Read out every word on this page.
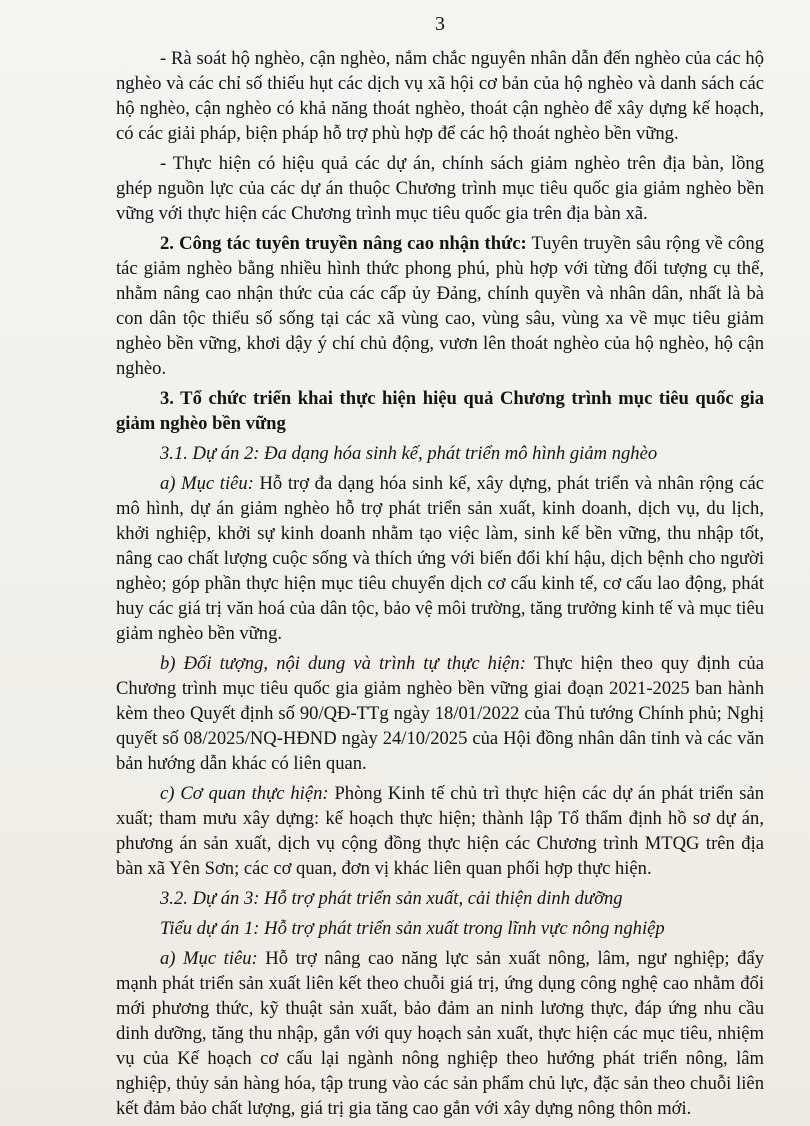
3

- Rà soát hộ nghèo, cận nghèo, nắm chắc nguyên nhân dẫn đến nghèo của các hộ nghèo và các chỉ số thiếu hụt các dịch vụ xã hội cơ bản của hộ nghèo và danh sách các hộ nghèo, cận nghèo có khả năng thoát nghèo, thoát cận nghèo để xây dựng kế hoạch, có các giải pháp, biện pháp hỗ trợ phù hợp để các hộ thoát nghèo bền vững.

- Thực hiện có hiệu quả các dự án, chính sách giảm nghèo trên địa bàn, lồng ghép nguồn lực của các dự án thuộc Chương trình mục tiêu quốc gia giảm nghèo bền vững với thực hiện các Chương trình mục tiêu quốc gia trên địa bàn xã.

2. Công tác tuyên truyền nâng cao nhận thức: Tuyên truyền sâu rộng về công tác giảm nghèo bằng nhiều hình thức phong phú, phù hợp với từng đối tượng cụ thể, nhằm nâng cao nhận thức của các cấp ủy Đảng, chính quyền và nhân dân, nhất là bà con dân tộc thiểu số sống tại các xã vùng cao, vùng sâu, vùng xa về mục tiêu giảm nghèo bền vững, khơi dậy ý chí chủ động, vươn lên thoát nghèo của hộ nghèo, hộ cận nghèo.

3. Tổ chức triển khai thực hiện hiệu quả Chương trình mục tiêu quốc gia giảm nghèo bền vững

3.1. Dự án 2: Đa dạng hóa sinh kế, phát triển mô hình giảm nghèo

a) Mục tiêu: Hỗ trợ đa dạng hóa sinh kế, xây dựng, phát triển và nhân rộng các mô hình, dự án giảm nghèo hỗ trợ phát triển sản xuất, kinh doanh, dịch vụ, du lịch, khởi nghiệp, khởi sự kinh doanh nhằm tạo việc làm, sinh kế bền vững, thu nhập tốt, nâng cao chất lượng cuộc sống và thích ứng với biến đổi khí hậu, dịch bệnh cho người nghèo; góp phần thực hiện mục tiêu chuyển dịch cơ cấu kinh tế, cơ cấu lao động, phát huy các giá trị văn hoá của dân tộc, bảo vệ môi trường, tăng trưởng kinh tế và mục tiêu giảm nghèo bền vững.

b) Đối tượng, nội dung và trình tự thực hiện: Thực hiện theo quy định của Chương trình mục tiêu quốc gia giảm nghèo bền vững giai đoạn 2021-2025 ban hành kèm theo Quyết định số 90/QĐ-TTg ngày 18/01/2022 của Thủ tướng Chính phủ; Nghị quyết số 08/2025/NQ-HĐND ngày 24/10/2025 của Hội đồng nhân dân tỉnh và các văn bản hướng dẫn khác có liên quan.

c) Cơ quan thực hiện: Phòng Kinh tế chủ trì thực hiện các dự án phát triển sản xuất; tham mưu xây dựng: kế hoạch thực hiện; thành lập Tổ thẩm định hồ sơ dự án, phương án sản xuất, dịch vụ cộng đồng thực hiện các Chương trình MTQG trên địa bàn xã Yên Sơn; các cơ quan, đơn vị khác liên quan phối hợp thực hiện.

3.2. Dự án 3: Hỗ trợ phát triển sản xuất, cải thiện dinh dưỡng

Tiểu dự án 1: Hỗ trợ phát triển sản xuất trong lĩnh vực nông nghiệp

a) Mục tiêu: Hỗ trợ nâng cao năng lực sản xuất nông, lâm, ngư nghiệp; đẩy mạnh phát triển sản xuất liên kết theo chuỗi giá trị, ứng dụng công nghệ cao nhằm đổi mới phương thức, kỹ thuật sản xuất, bảo đảm an ninh lương thực, đáp ứng nhu cầu dinh dưỡng, tăng thu nhập, gắn với quy hoạch sản xuất, thực hiện các mục tiêu, nhiệm vụ của Kế hoạch cơ cấu lại ngành nông nghiệp theo hướng phát triển nông, lâm nghiệp, thủy sản hàng hóa, tập trung vào các sản phẩm chủ lực, đặc sản theo chuỗi liên kết đảm bảo chất lượng, giá trị gia tăng cao gắn với xây dựng nông thôn mới.
